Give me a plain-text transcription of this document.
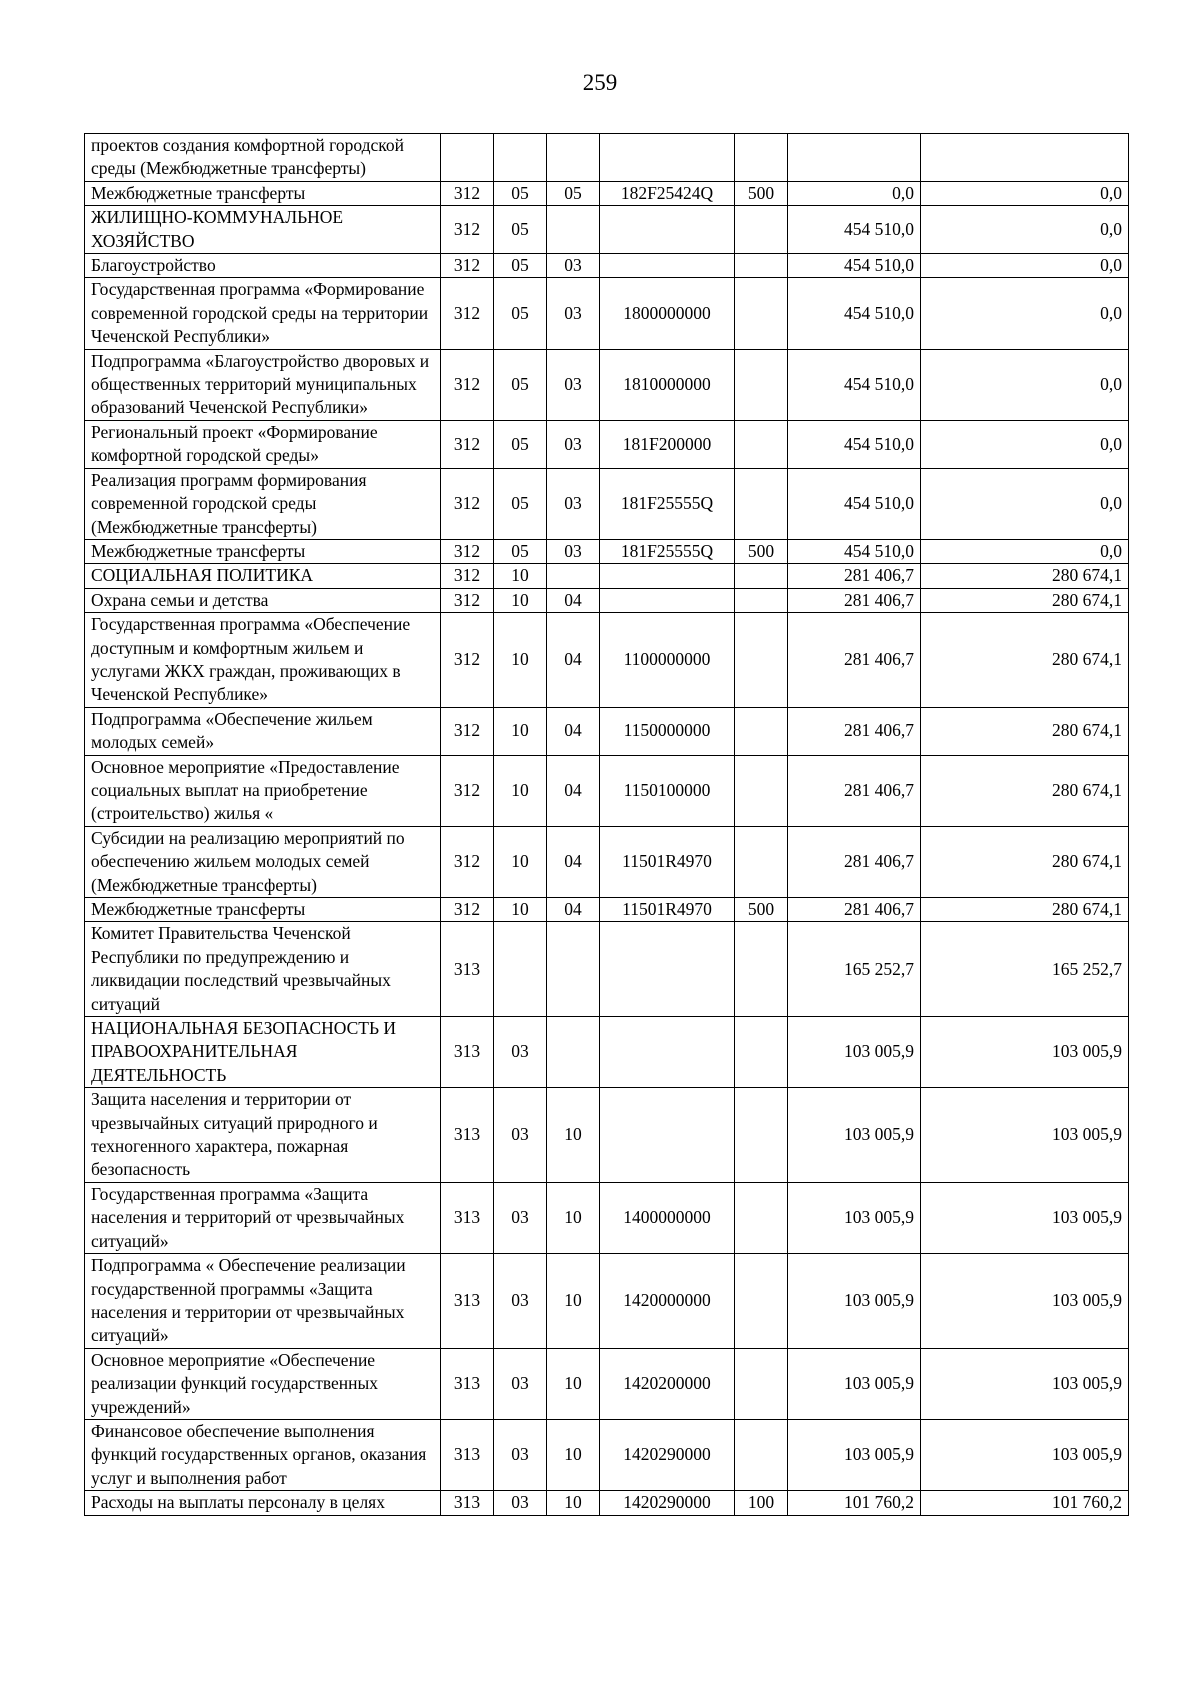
259
проектов создания комфортной городской среды (Межбюджетные трансферты)							
Межбюджетные трансферты	312	05	05	182F25424Q	500	0,0	0,0
ЖИЛИЩНО-КОММУНАЛЬНОЕ ХОЗЯЙСТВО	312	05				454 510,0	0,0
Благоустройство	312	05	03			454 510,0	0,0
Государственная программа «Формирование современной городской среды на территории Чеченской Республики»	312	05	03	1800000000		454 510,0	0,0
Подпрограмма «Благоустройство дворовых и общественных территорий муниципальных образований Чеченской Республики»	312	05	03	1810000000		454 510,0	0,0
Региональный проект «Формирование комфортной городской среды»	312	05	03	181F200000		454 510,0	0,0
Реализация программ формирования современной городской среды (Межбюджетные трансферты)	312	05	03	181F25555Q		454 510,0	0,0
Межбюджетные трансферты	312	05	03	181F25555Q	500	454 510,0	0,0
СОЦИАЛЬНАЯ ПОЛИТИКА	312	10				281 406,7	280 674,1
Охрана семьи и детства	312	10	04			281 406,7	280 674,1
Государственная программа «Обеспечение доступным и комфортным жильем и услугами ЖКХ граждан, проживающих в Чеченской Республике»	312	10	04	1100000000		281 406,7	280 674,1
Подпрограмма «Обеспечение жильем молодых семей»	312	10	04	1150000000		281 406,7	280 674,1
Основное мероприятие «Предоставление социальных выплат на приобретение (строительство) жилья «	312	10	04	1150100000		281 406,7	280 674,1
Субсидии на реализацию мероприятий по обеспечению жильем молодых семей (Межбюджетные трансферты)	312	10	04	11501R4970		281 406,7	280 674,1
Межбюджетные трансферты	312	10	04	11501R4970	500	281 406,7	280 674,1
Комитет Правительства Чеченской Республики по предупреждению и ликвидации последствий чрезвычайных ситуаций	313					165 252,7	165 252,7
НАЦИОНАЛЬНАЯ БЕЗОПАСНОСТЬ И ПРАВООХРАНИТЕЛЬНАЯ ДЕЯТЕЛЬНОСТЬ	313	03				103 005,9	103 005,9
Защита населения и территории от чрезвычайных ситуаций природного и техногенного характера, пожарная безопасность	313	03	10			103 005,9	103 005,9
Государственная программа «Защита населения и территорий от чрезвычайных ситуаций»	313	03	10	1400000000		103 005,9	103 005,9
Подпрограмма « Обеспечение реализации государственной программы «Защита населения и территории от чрезвычайных ситуаций»	313	03	10	1420000000		103 005,9	103 005,9
Основное мероприятие «Обеспечение реализации функций государственных учреждений»	313	03	10	1420200000		103 005,9	103 005,9
Финансовое обеспечение выполнения функций государственных органов, оказания услуг и выполнения работ	313	03	10	1420290000		103 005,9	103 005,9
Расходы на выплаты персоналу в целях	313	03	10	1420290000	100	101 760,2	101 760,2
